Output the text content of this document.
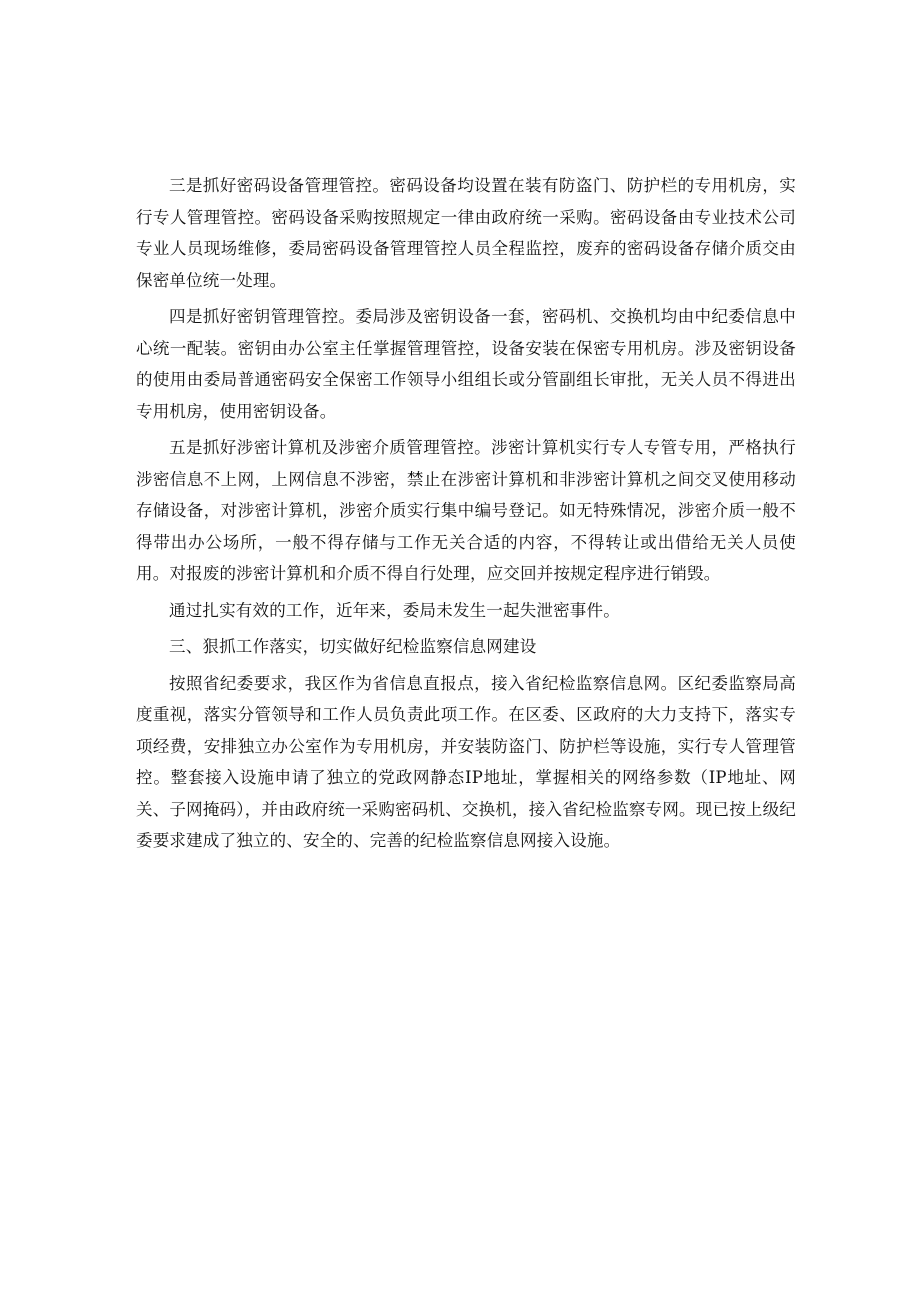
三是抓好密码设备管理管控。密码设备均设置在装有防盗门、防护栏的专用机房，实行专人管理管控。密码设备采购按照规定一律由政府统一采购。密码设备由专业技术公司专业人员现场维修，委局密码设备管理管控人员全程监控，废弃的密码设备存储介质交由保密单位统一处理。

四是抓好密钥管理管控。委局涉及密钥设备一套，密码机、交换机均由中纪委信息中心统一配装。密钥由办公室主任掌握管理管控，设备安装在保密专用机房。涉及密钥设备的使用由委局普通密码安全保密工作领导小组组长或分管副组长审批，无关人员不得进出专用机房，使用密钥设备。

五是抓好涉密计算机及涉密介质管理管控。涉密计算机实行专人专管专用，严格执行涉密信息不上网，上网信息不涉密，禁止在涉密计算机和非涉密计算机之间交叉使用移动存储设备，对涉密计算机，涉密介质实行集中编号登记。如无特殊情况，涉密介质一般不得带出办公场所，一般不得存储与工作无关合适的内容，不得转让或出借给无关人员使用。对报废的涉密计算机和介质不得自行处理，应交回并按规定程序进行销毁。

通过扎实有效的工作，近年来，委局未发生一起失泄密事件。

三、狠抓工作落实，切实做好纪检监察信息网建设

按照省纪委要求，我区作为省信息直报点，接入省纪检监察信息网。区纪委监察局高度重视，落实分管领导和工作人员负责此项工作。在区委、区政府的大力支持下，落实专项经费，安排独立办公室作为专用机房，并安装防盗门、防护栏等设施，实行专人管理管控。整套接入设施申请了独立的党政网静态IP地址，掌握相关的网络参数（IP地址、网关、子网掩码），并由政府统一采购密码机、交换机，接入省纪检监察专网。现已按上级纪委要求建成了独立的、安全的、完善的纪检监察信息网接入设施。
